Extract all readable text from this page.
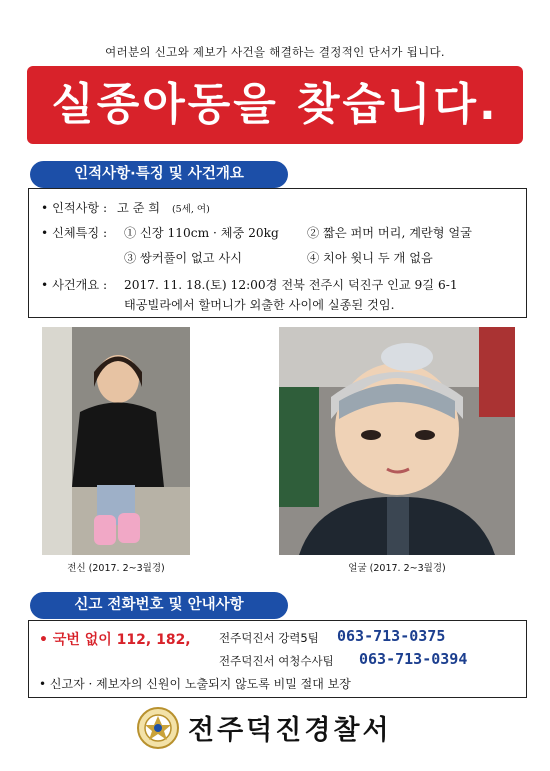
여러분의 신고와 제보가 사건을 해결하는 결정적인 단서가 됩니다.
실종아동을 찾습니다.
인적사항·특징 및 사건개요
• 인적사항 : 고 준 희 (5세, 여)
• 신체특징 : ① 신장 110cm · 체중 20kg ② 짧은 퍼머 머리, 계란형 얼굴
③ 쌍커풀이 없고 사시	④ 치아 윗니 두 개 없음
• 사건개요 : 2017. 11. 18.(토) 12:00경 전북 전주시 덕진구 인교 9길 6-1
태공빌라에서 할머니가 외출한 사이에 실종된 것임.
전신 (2017. 2~3월경)	얼굴 (2017. 2~3월경)
신고 전화번호 및 안내사항
• 국번 없이 112, 182, 전주덕진서 강력5팀 063-713-0375
전주덕진서 여청수사팀 063-713-0394
• 신고자 · 제보자의 신원이 노출되지 않도록 비밀 절대 보장
전주덕진경찰서
